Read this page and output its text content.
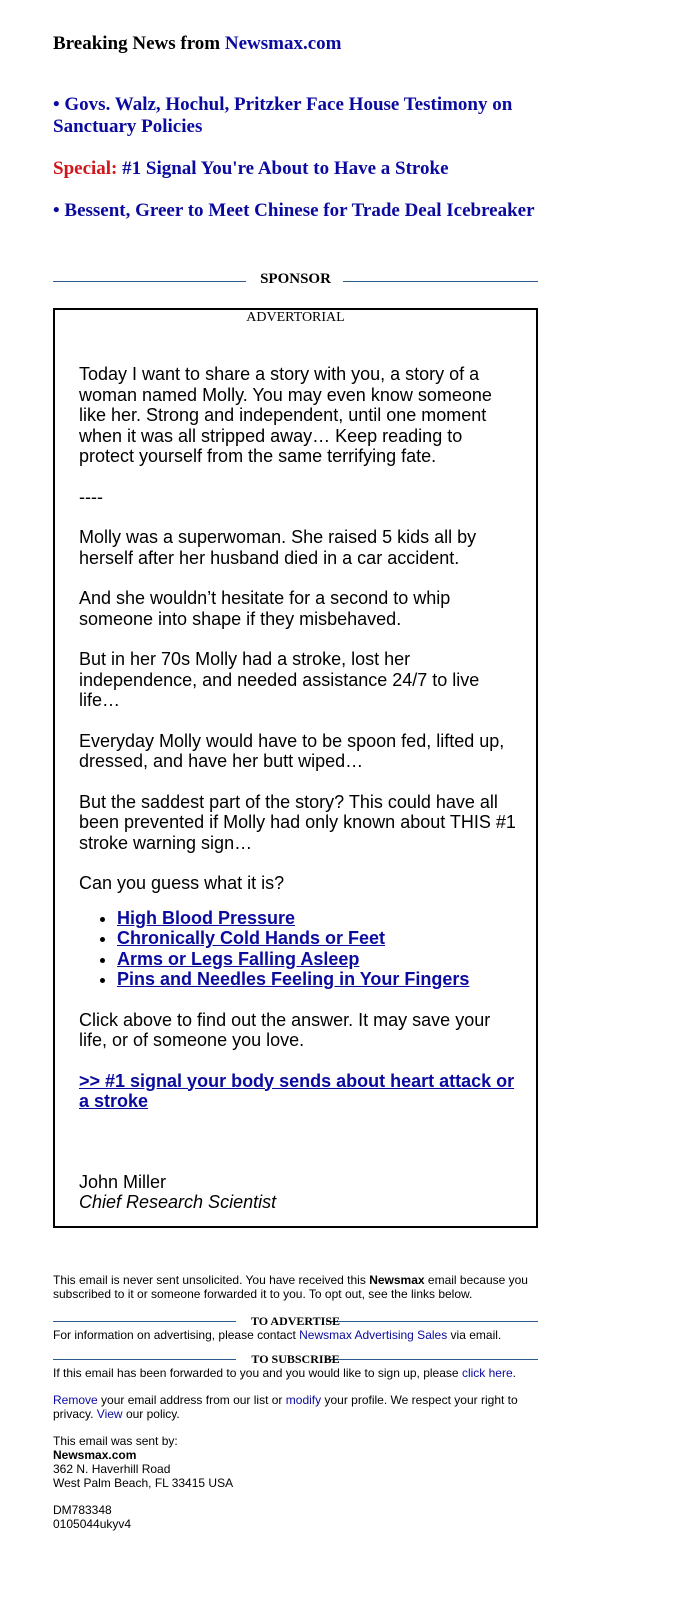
Breaking News from Newsmax.com
• Govs. Walz, Hochul, Pritzker Face House Testimony on Sanctuary Policies
Special: #1 Signal You're About to Have a Stroke
• Bessent, Greer to Meet Chinese for Trade Deal Icebreaker
SPONSOR
ADVERTORIAL

Today I want to share a story with you, a story of a woman named Molly. You may even know someone like her. Strong and independent, until one moment when it was all stripped away… Keep reading to protect yourself from the same terrifying fate.

----

Molly was a superwoman. She raised 5 kids all by herself after her husband died in a car accident.

And she wouldn’t hesitate for a second to whip someone into shape if they misbehaved.

But in her 70s Molly had a stroke, lost her independence, and needed assistance 24/7 to live life…

Everyday Molly would have to be spoon fed, lifted up, dressed, and have her butt wiped…

But the saddest part of the story? This could have all been prevented if Molly had only known about THIS #1 stroke warning sign…

Can you guess what it is?

• High Blood Pressure
• Chronically Cold Hands or Feet
• Arms or Legs Falling Asleep
• Pins and Needles Feeling in Your Fingers

Click above to find out the answer. It may save your life, or of someone you love.

>> #1 signal your body sends about heart attack or a stroke

John Miller
Chief Research Scientist

This email is never sent unsolicited. You have received this Newsmax email because you subscribed to it or someone forwarded it to you. To opt out, see the links below.

TO ADVERTISE

For information on advertising, please contact Newsmax Advertising Sales via email.

TO SUBSCRIBE

If this email has been forwarded to you and you would like to sign up, please click here.

Remove your email address from our list or modify your profile. We respect your right to privacy. View our policy.

This email was sent by:
Newsmax.com
362 N. Haverhill Road
West Palm Beach, FL 33415 USA

DM783348
0105044ukyv4
